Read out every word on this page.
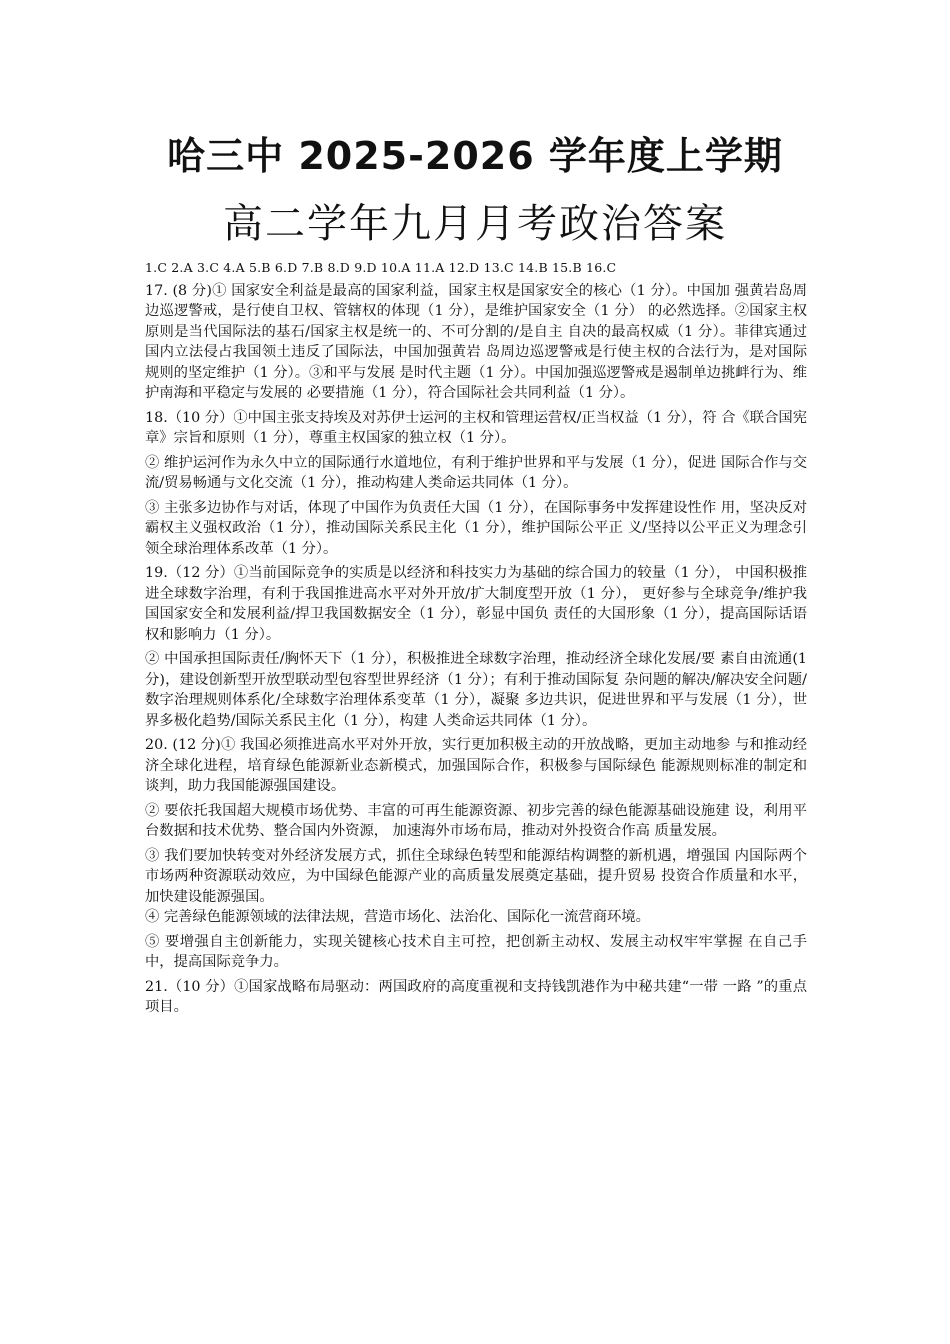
哈三中 2025-2026 学年度上学期
高二学年九月月考政治答案
1.C 2.A 3.C 4.A 5.B 6.D 7.B 8.D 9.D 10.A 11.A 12.D 13.C 14.B 15.B 16.C

17. (8 分)① 国家安全利益是最高的国家利益，国家主权是国家安全的核心（1 分）。中国加 强黄岩岛周边巡逻警戒，是行使自卫权、管辖权的体现（1 分），是维护国家安全（1 分） 的必然选择。②国家主权原则是当代国际法的基石/国家主权是统一的、不可分割的/是自主 自决的最高权威（1 分）。菲律宾通过国内立法侵占我国领土违反了国际法，中国加强黄岩 岛周边巡逻警戒是行使主权的合法行为，是对国际规则的坚定维护（1 分）。③和平与发展 是时代主题（1 分）。中国加强巡逻警戒是遏制单边挑衅行为、维护南海和平稳定与发展的 必要措施（1 分），符合国际社会共同利益（1 分）。

18.（10 分）①中国主张支持埃及对苏伊士运河的主权和管理运营权/正当权益（1 分），符 合《联合国宪章》宗旨和原则（1 分），尊重主权国家的独立权（1 分）。

② 维护运河作为永久中立的国际通行水道地位，有利于维护世界和平与发展（1 分），促进 国际合作与交流/贸易畅通与文化交流（1 分），推动构建人类命运共同体（1 分）。

③ 主张多边协作与对话，体现了中国作为负责任大国（1 分），在国际事务中发挥建设性作 用，坚决反对霸权主义强权政治（1 分），推动国际关系民主化（1 分），维护国际公平正 义/坚持以公平正义为理念引领全球治理体系改革（1 分）。

19.（12 分）①当前国际竞争的实质是以经济和科技实力为基础的综合国力的较量（1 分）， 中国积极推进全球数字治理，有利于我国推进高水平对外开放/扩大制度型开放（1 分）， 更好参与全球竞争/维护我国国家安全和发展利益/捍卫我国数据安全（1 分），彰显中国负 责任的大国形象（1 分），提高国际话语权和影响力（1 分）。

② 中国承担国际责任/胸怀天下（1 分），积极推进全球数字治理，推动经济全球化发展/要 素自由流通(1 分)，建设创新型开放型联动型包容型世界经济（1 分）；有利于推动国际复 杂问题的解决/解决安全问题/数字治理规则体系化/全球数字治理体系变革（1 分），凝聚 多边共识，促进世界和平与发展（1 分），世界多极化趋势/国际关系民主化（1 分），构建 人类命运共同体（1 分）。

20. (12 分)① 我国必须推进高水平对外开放，实行更加积极主动的开放战略，更加主动地参 与和推动经济全球化进程，培育绿色能源新业态新模式，加强国际合作，积极参与国际绿色 能源规则标准的制定和谈判，助力我国能源强国建设。

② 要依托我国超大规模市场优势、丰富的可再生能源资源、初步完善的绿色能源基础设施建 设，利用平台数据和技术优势、整合国内外资源， 加速海外市场布局，推动对外投资合作高 质量发展。

③ 我们要加快转变对外经济发展方式，抓住全球绿色转型和能源结构调整的新机遇，增强国 内国际两个市场两种资源联动效应，为中国绿色能源产业的高质量发展奠定基础，提升贸易 投资合作质量和水平，加快建设能源强国。

④ 完善绿色能源领域的法律法规，营造市场化、法治化、国际化一流营商环境。

⑤ 要增强自主创新能力，实现关键核心技术自主可控，把创新主动权、发展主动权牢牢掌握 在自己手中，提高国际竞争力。

21.（10 分）①国家战略布局驱动：两国政府的高度重视和支持钱凯港作为中秘共建“一带 一路 ”的重点项目。
